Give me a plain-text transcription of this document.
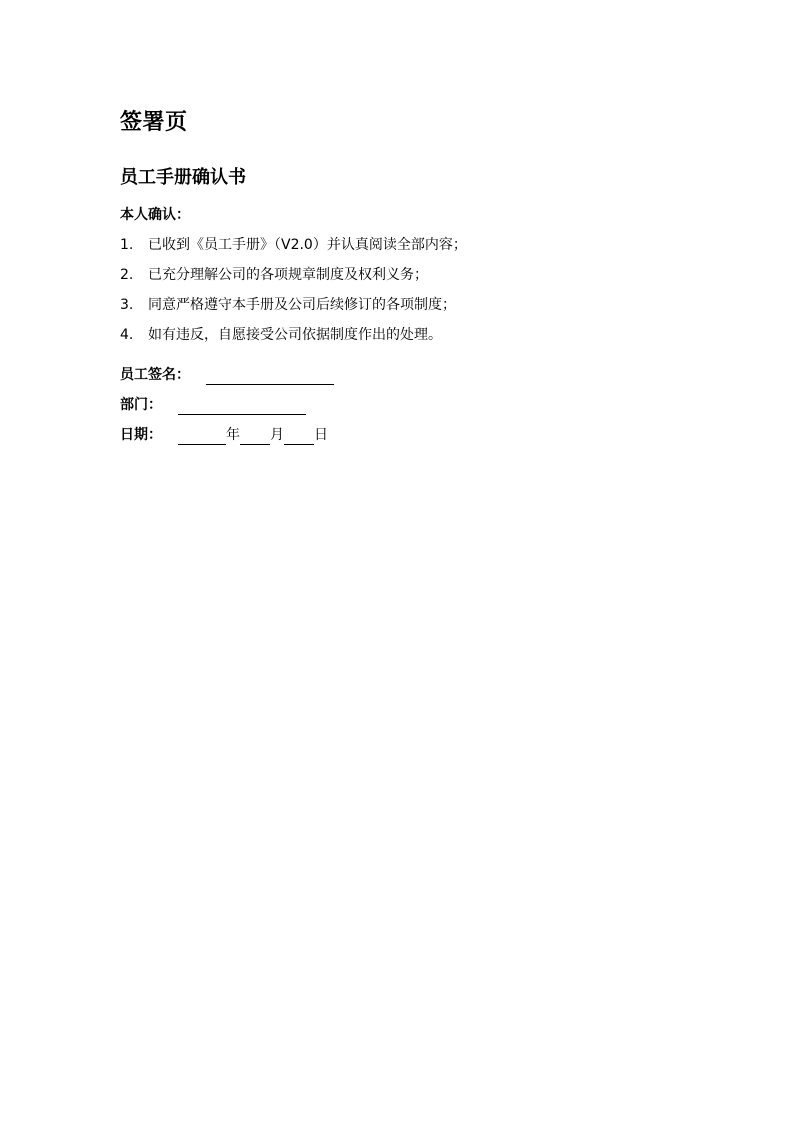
签署页
员工手册确认书

本人确认：

1.	已收到《员工手册》（V2.0）并认真阅读全部内容；
2.	已充分理解公司的各项规章制度及权利义务；
3.	同意严格遵守本手册及公司后续修订的各项制度；
4.	如有违反，自愿接受公司依据制度作出的处理。
员工签名：
部门：
日期：	年 月 日
